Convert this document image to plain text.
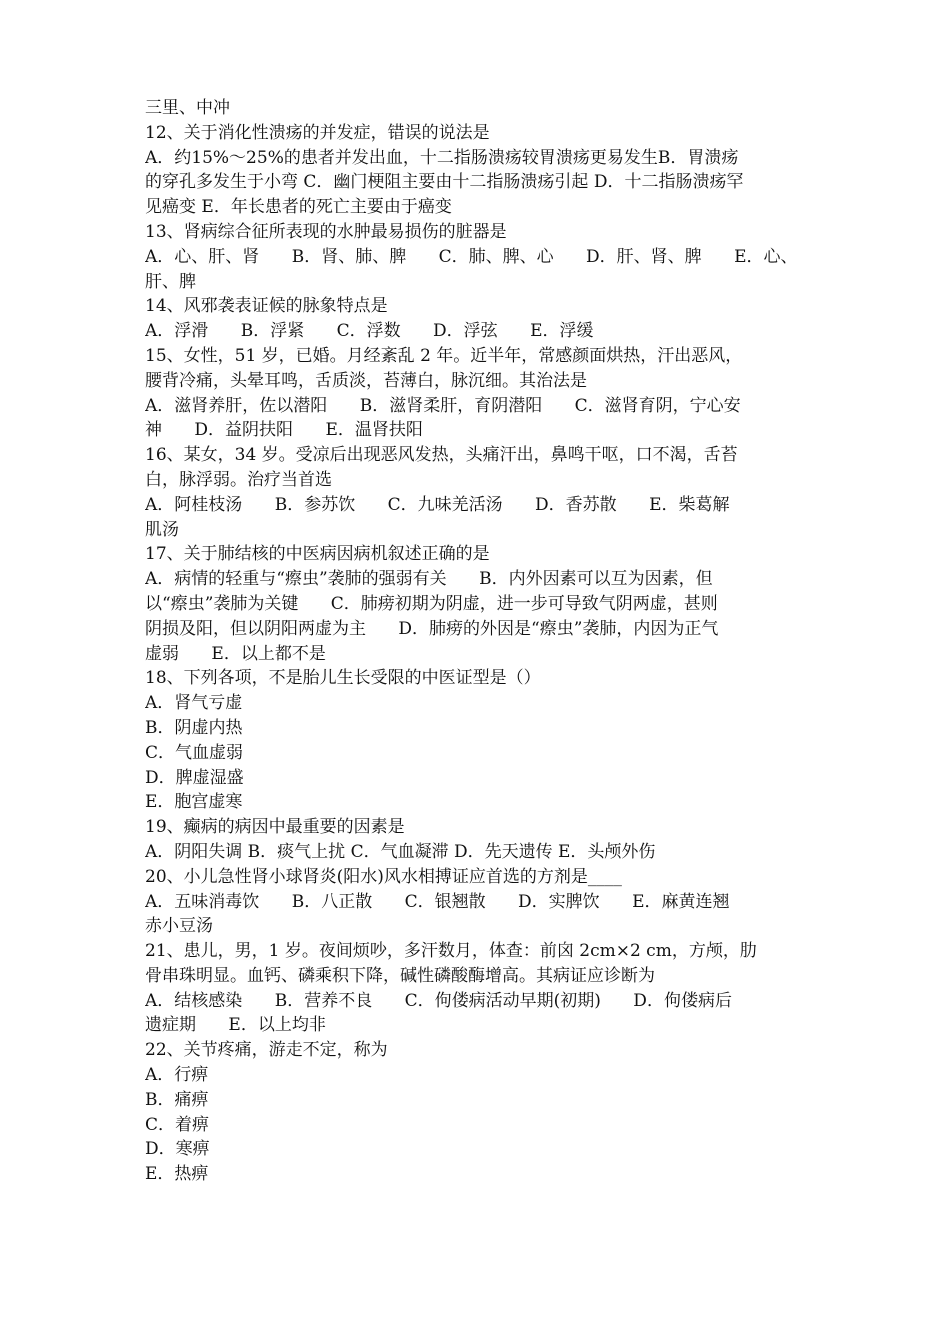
三里、中冲
12、关于消化性溃疡的并发症，错误的说法是
A．约15%～25%的患者并发出血，十二指肠溃疡较胃溃疡更易发生B．胃溃疡
的穿孔多发生于小弯 C．幽门梗阻主要由十二指肠溃疡引起 D．十二指肠溃疡罕
见癌变 E．年长患者的死亡主要由于癌变
13、肾病综合征所表现的水肿最易损伤的脏器是
A．心、肝、肾      B．肾、肺、脾      C．肺、脾、心      D．肝、肾、脾      E．心、
肝、脾
14、风邪袭表证候的脉象特点是
A．浮滑      B．浮紧      C．浮数      D．浮弦      E．浮缓
15、女性，51 岁，已婚。月经紊乱 2 年。近半年，常感颜面烘热，汗出恶风，
腰背冷痛，头晕耳鸣，舌质淡，苔薄白，脉沉细。其治法是
A．滋肾养肝，佐以潜阳      B．滋肾柔肝，育阴潜阳      C．滋肾育阴，宁心安
神      D．益阴扶阳      E．温肾扶阳
16、某女，34 岁。受凉后出现恶风发热，头痛汗出，鼻鸣干呕，口不渴，舌苔
白，脉浮弱。治疗当首选
A．阿桂枝汤      B．参苏饮      C．九味羌活汤      D．香苏散      E．柴葛解
肌汤
17、关于肺结核的中医病因病机叙述正确的是
A．病情的轻重与“瘵虫”袭肺的强弱有关      B．内外因素可以互为因素，但
以“瘵虫”袭肺为关键      C．肺痨初期为阴虚，进一步可导致气阴两虚，甚则
阴损及阳，但以阴阳两虚为主      D．肺痨的外因是“瘵虫”袭肺，内因为正气
虚弱      E．以上都不是
18、下列各项，不是胎儿生长受限的中医证型是（）
A．肾气亏虚
B．阴虚内热
C．气血虚弱
D．脾虚湿盛
E．胞宫虚寒
19、癫病的病因中最重要的因素是
A．阴阳失调 B．痰气上扰 C．气血凝滞 D．先天遗传 E．头颅外伤
20、小儿急性肾小球肾炎(阳水)风水相搏证应首选的方剂是____
A．五味消毒饮      B．八正散      C．银翘散      D．实脾饮      E．麻黄连翘
赤小豆汤
21、患儿，男，1 岁。夜间烦吵，多汗数月，体查：前囟 2cm×2 cm，方颅，肋
骨串珠明显。血钙、磷乘积下降，碱性磷酸酶增高。其病证应诊断为
A．结核感染      B．营养不良      C．佝偻病活动早期(初期)      D．佝偻病后
遗症期      E．以上均非
22、关节疼痛，游走不定，称为
A．行痹
B．痛痹
C．着痹
D．寒痹
E．热痹
